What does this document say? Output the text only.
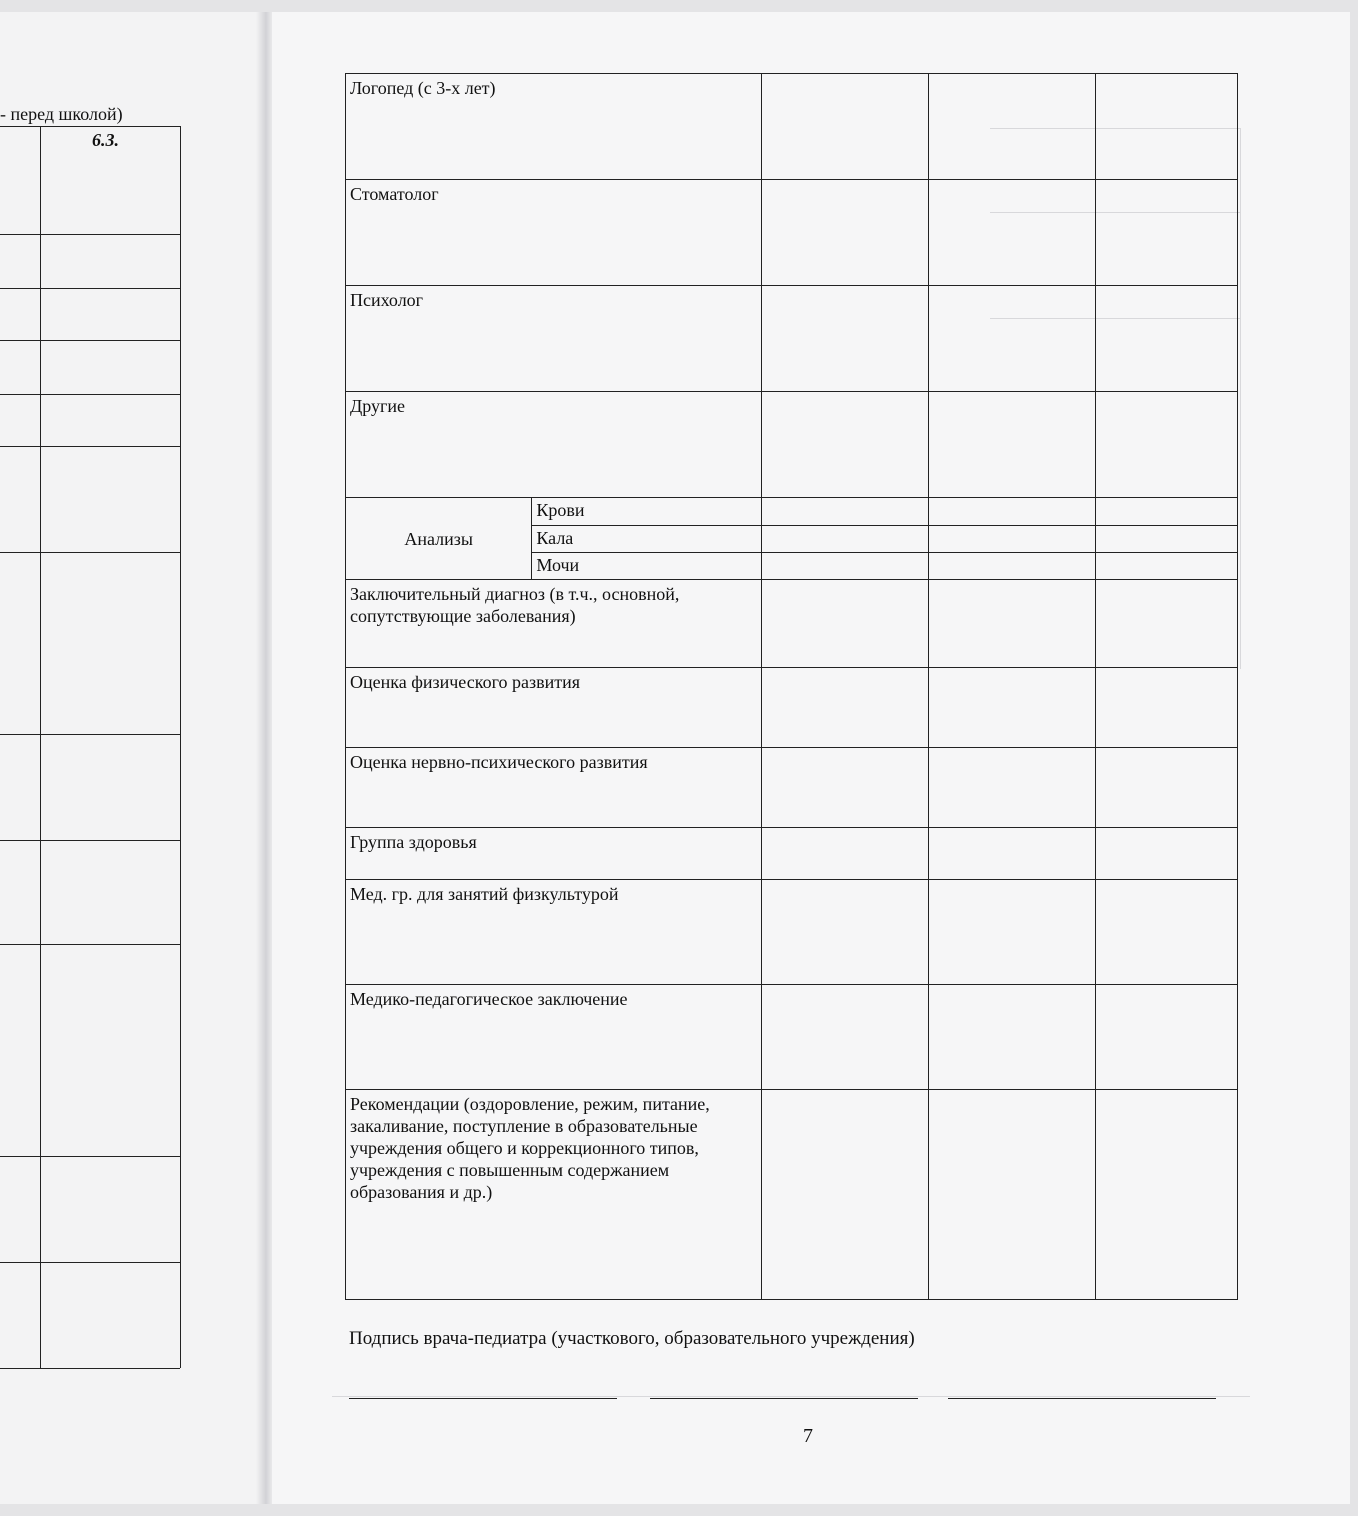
- перед школой)
6.3.
Логопед (с 3-х лет)				
Стоматолог				
Психолог				
Другие				
Анализы	Крови			
	Кала			
	Мочи			
Заключительный диагноз (в т.ч., основной, сопутствующие заболевания)				
Оценка физического развития				
Оценка нервно-психического развития				
Группа здоровья				
Мед. гр. для занятий физкультурой				
Медико-педагогическое заключение				
Рекомендации (оздоровление, режим, питание, закаливание, поступление в образовательные учреждения общего и коррекционного типов, учреждения с повышенным содержанием образования и др.)				
Подпись врача-педиатра (участкового, образовательного учреждения)
7
